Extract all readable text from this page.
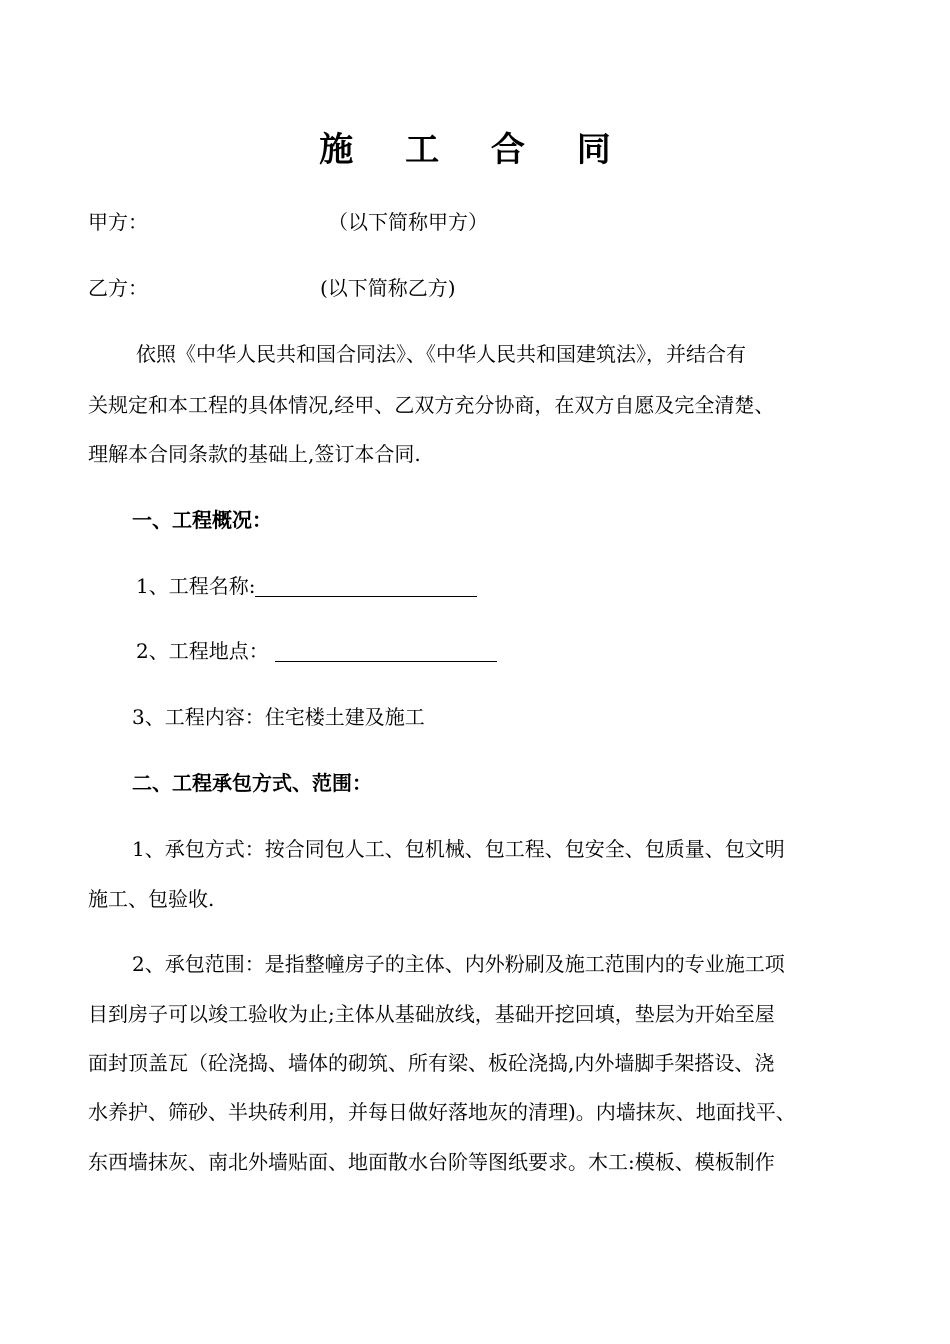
施 工 合 同
甲方：	（以下简称甲方）
乙方：	(以下简称乙方)
依照《中华人民共和国合同法》、《中华人民共和国建筑法》，并结合有
关规定和本工程的具体情况,经甲、乙双方充分协商，在双方自愿及完全清楚、
理解本合同条款的基础上,签订本合同.
一、工程概况：
1、工程名称:
2、工程地点：
3、工程内容：住宅楼土建及施工
二、工程承包方式、范围：
1、承包方式：按合同包人工、包机械、包工程、包安全、包质量、包文明
施工、包验收.
2、承包范围：是指整幢房子的主体、内外粉刷及施工范围内的专业施工项
目到房子可以竣工验收为止;主体从基础放线，基础开挖回填，垫层为开始至屋
面封顶盖瓦（砼浇捣、墙体的砌筑、所有梁、板砼浇捣,内外墙脚手架搭设、浇
水养护、筛砂、半块砖利用，并每日做好落地灰的清理)。内墙抹灰、地面找平、
东西墙抹灰、南北外墙贴面、地面散水台阶等图纸要求。木工:模板、模板制作
